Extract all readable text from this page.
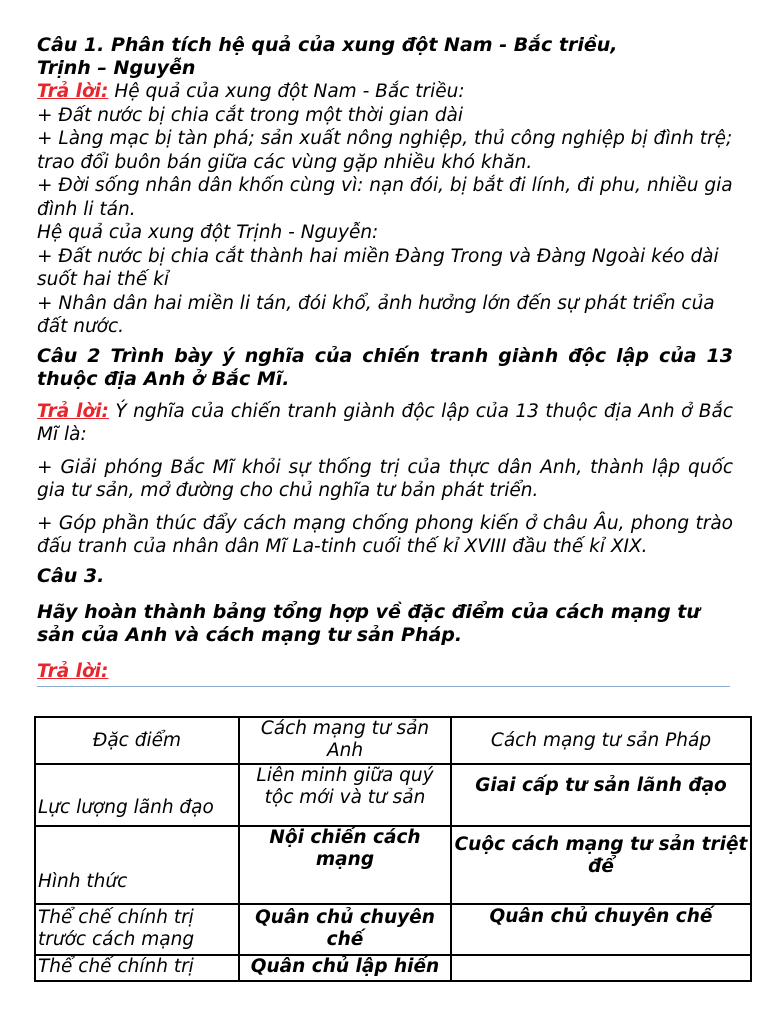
Câu 1. Phân tích hệ quả của xung đột Nam - Bắc triều,

Trịnh – Nguyễn

Trả lời: Hệ quả của xung đột Nam - Bắc triều:

+ Đất nước bị chia cắt trong một thời gian dài

+ Làng mạc bị tàn phá; sản xuất nông nghiệp, thủ công nghiệp bị đình trệ; trao đổi buôn bán giữa các vùng gặp nhiều khó khăn.

+ Đời sống nhân dân khốn cùng vì: nạn đói, bị bắt đi lính, đi phu, nhiều gia đình li tán.

Hệ quả của xung đột Trịnh - Nguyễn:

+ Đất nước bị chia cắt thành hai miền Đàng Trong và Đàng Ngoài kéo dài suốt hai thế kỉ

+ Nhân dân hai miền li tán, đói khổ, ảnh hưởng lớn đến sự phát triển của đất nước.

Câu 2 Trình bày ý nghĩa của chiến tranh giành độc lập của 13 thuộc địa Anh ở Bắc Mĩ.

Trả lời: Ý nghĩa của chiến tranh giành độc lập của 13 thuộc địa Anh ở Bắc Mĩ là:

+ Giải phóng Bắc Mĩ khỏi sự thống trị của thực dân Anh, thành lập quốc gia tư sản, mở đường cho chủ nghĩa tư bản phát triển.

+ Góp phần thúc đẩy cách mạng chống phong kiến ở châu Âu, phong trào đấu tranh của nhân dân Mĩ La-tinh cuối thế kỉ XVIII đầu thế kỉ XIX.

Câu 3.

Hãy hoàn thành bảng tổng hợp về đặc điểm của cách mạng tư sản của Anh và cách mạng tư sản Pháp.

Trả lời:

Đặc điểm	Cách mạng tư sản Anh	Cách mạng tư sản Pháp
Lực lượng lãnh đạo	Liên minh giữa quý tộc mới và tư sản	Giai cấp tư sản lãnh đạo
Hình thức	Nội chiến cách mạng	Cuộc cách mạng tư sản triệt để
Thể chế chính trị trước cách mạng	Quân chủ chuyên chế	Quân chủ chuyên chế
Thể chế chính trị	Quân chủ lập hiến	
